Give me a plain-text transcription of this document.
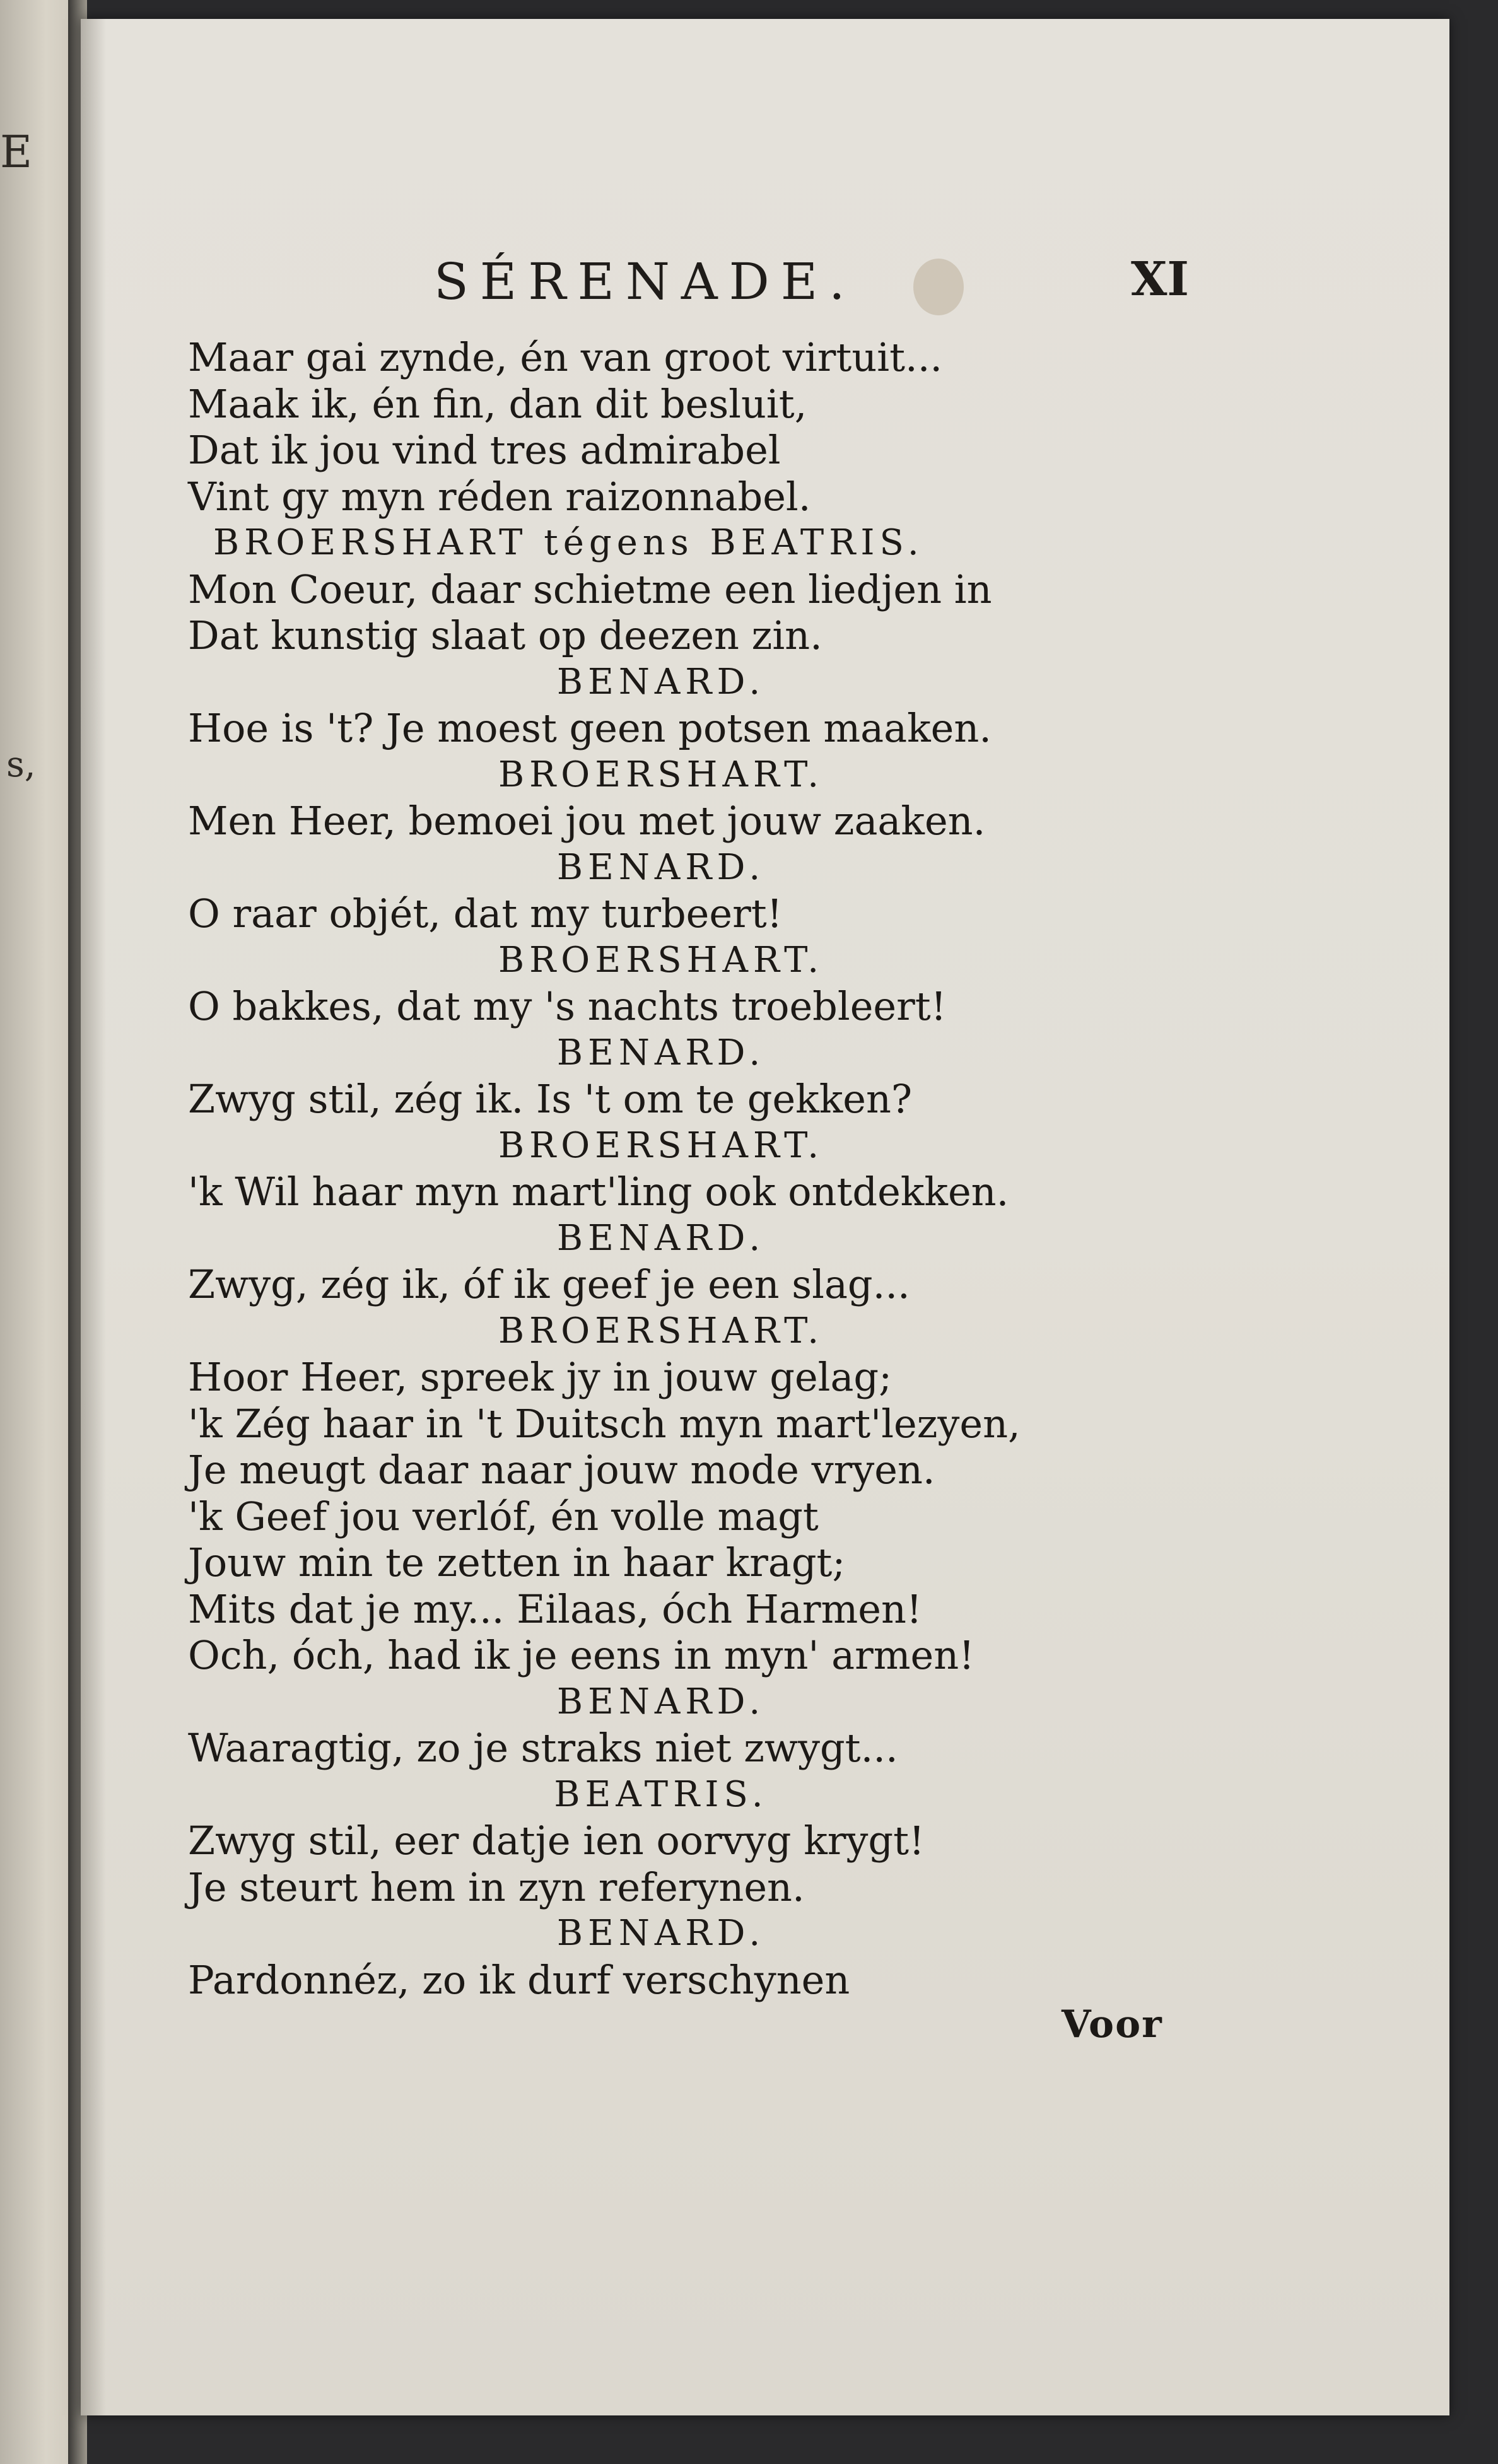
E
s,
SÉRENADE.	XI
Maar gai zynde, én van groot virtuit...
Maak ik, én fin, dan dit besluit,
Dat ik jou vind tres admirabel
Vint gy myn réden raizonnabel.
BROERSHART tégens BEATRIS.
Mon Coeur, daar schietme een liedjen in
Dat kunstig slaat op deezen zin.
BENARD.
Hoe is 't? Je moest geen potsen maaken.
BROERSHART.
Men Heer, bemoei jou met jouw zaaken.
BENARD.
O raar objét, dat my turbeert!
BROERSHART.
O bakkes, dat my 's nachts troebleert!
BENARD.
Zwyg stil, zég ik. Is 't om te gekken?
BROERSHART.
'k Wil haar myn mart'ling ook ontdekken.
BENARD.
Zwyg, zég ik, óf ik geef je een slag...
BROERSHART.
Hoor Heer, spreek jy in jouw gelag;
'k Zég haar in 't Duitsch myn mart'lezyen,
Je meugt daar naar jouw mode vryen.
'k Geef jou verlóf, én volle magt
Jouw min te zetten in haar kragt;
Mits dat je my... Eilaas, óch Harmen!
Och, óch, had ik je eens in myn' armen!
BENARD.
Waaragtig, zo je straks niet zwygt...
BEATRIS.
Zwyg stil, eer datje ien oorvyg krygt!
Je steurt hem in zyn referynen.
BENARD.
Pardonnéz, zo ik durf verschynen
Voor
